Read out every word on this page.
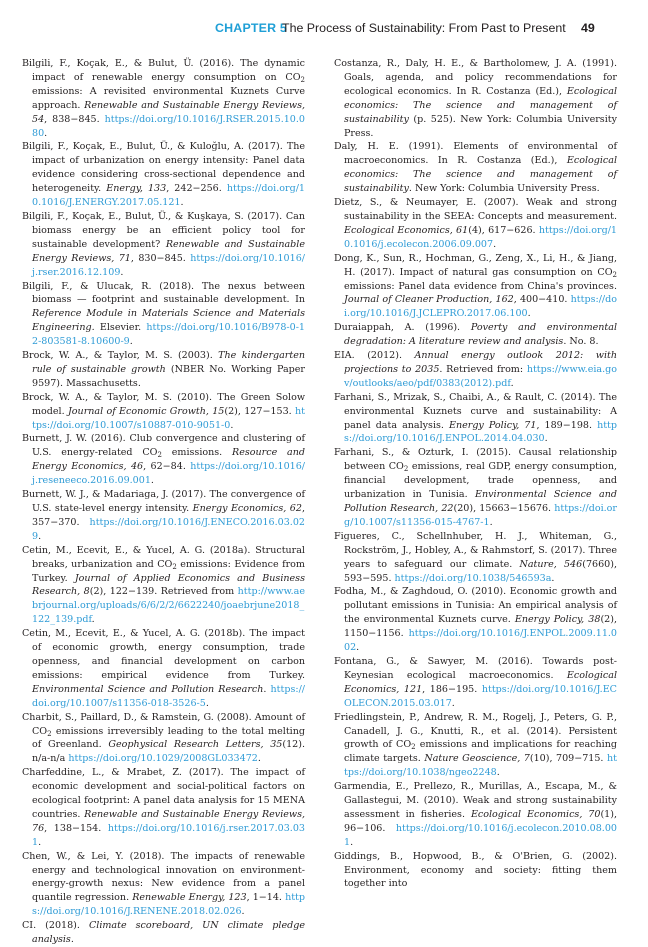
CHAPTER 5
The Process of Sustainability: From Past to Present 49

Bilgili, F., Koçak, E., & Bulut, Ü. (2016). The dynamic impact of renewable energy consumption on $CO_2$ emissions: A revisited environmental Kuznets Curve approach. Renewable and Sustainable Energy Reviews, 54, 838−845. https://doi.org/10.1016/J.RSER.2015.10.080.

Bilgili, F., Koçak, E., Bulut, Ü., & Kuloğlu, A. (2017). The impact of urbanization on energy intensity: Panel data evidence considering cross-sectional dependence and heterogeneity. Energy, 133, 242−256. https://doi.org/10.1016/J.ENERGY.2017.05.121.

Bilgili, F., Koçak, E., Bulut, Ü., & Kuşkaya, S. (2017). Can biomass energy be an efficient policy tool for sustainable development? Renewable and Sustainable Energy Reviews, 71, 830−845. https://doi.org/10.1016/j.rser.2016.12.109.

Bilgili, F., & Ulucak, R. (2018). The nexus between biomass — footprint and sustainable development. In Reference Module in Materials Science and Materials Engineering. Elsevier. https://doi.org/10.1016/B978-0-12-803581-8.10600-9.

Brock, W. A., & Taylor, M. S. (2003). The kindergarten rule of sustainable growth (NBER No. Working Paper 9597). Massachusetts.

Brock, W. A., & Taylor, M. S. (2010). The Green Solow model. Journal of Economic Growth, 15(2), 127−153. https://doi.org/10.1007/s10887-010-9051-0.

Burnett, J. W. (2016). Club convergence and clustering of U.S. energy-related $CO_2$ emissions. Resource and Energy Economics, 46, 62−84. https://doi.org/10.1016/j.reseneeco.2016.09.001.

Burnett, W. J., & Madariaga, J. (2017). The convergence of U.S. state-level energy intensity. Energy Economics, 62, 357−370. https://doi.org/10.1016/J.ENECO.2016.03.029.

Cetin, M., Ecevit, E., & Yucel, A. G. (2018a). Structural breaks, urbanization and $CO_2$ emissions: Evidence from Turkey. Journal of Applied Economics and Business Research, 8(2), 122−139. Retrieved from http://www.aebrjournal.org/uploads/6/6/2/2/6622240/joaebrjune2018_122_139.pdf.

Cetin, M., Ecevit, E., & Yucel, A. G. (2018b). The impact of economic growth, energy consumption, trade openness, and financial development on carbon emissions: empirical evidence from Turkey. Environmental Science and Pollution Research. https://doi.org/10.1007/s11356-018-3526-5.

Charbit, S., Paillard, D., & Ramstein, G. (2008). Amount of $CO_2$ emissions irreversibly leading to the total melting of Greenland. Geophysical Research Letters, 35(12). n/a-n/a https://doi.org/10.1029/2008GL033472.

Charfeddine, L., & Mrabet, Z. (2017). The impact of economic development and social-political factors on ecological footprint: A panel data analysis for 15 MENA countries. Renewable and Sustainable Energy Reviews, 76, 138−154. https://doi.org/10.1016/j.rser.2017.03.031.

Chen, W., & Lei, Y. (2018). The impacts of renewable energy and technological innovation on environment-energy-growth nexus: New evidence from a panel quantile regression. Renewable Energy, 123, 1−14. https://doi.org/10.1016/J.RENENE.2018.02.026.

CI. (2018). Climate scoreboard, UN climate pledge analysis.

Costanza, R., Daly, H. E., & Bartholomew, J. A. (1991). Goals, agenda, and policy recommendations for ecological economics. In R. Costanza (Ed.), Ecological economics: The science and management of sustainability (p. 525). New York: Columbia University Press.

Daly, H. E. (1991). Elements of environmental of macroeconomics. In R. Costanza (Ed.), Ecological economics: The science and management of sustainability. New York: Columbia University Press.

Dietz, S., & Neumayer, E. (2007). Weak and strong sustainability in the SEEA: Concepts and measurement. Ecological Economics, 61(4), 617−626. https://doi.org/10.1016/j.ecolecon.2006.09.007.

Dong, K., Sun, R., Hochman, G., Zeng, X., Li, H., & Jiang, H. (2017). Impact of natural gas consumption on $CO_2$ emissions: Panel data evidence from China's provinces. Journal of Cleaner Production, 162, 400−410. https://doi.org/10.1016/J.JCLEPRO.2017.06.100.

Duraiappah, A. (1996). Poverty and environmental degradation: A literature review and analysis. No. 8.

EIA. (2012). Annual energy outlook 2012: with projections to 2035. Retrieved from: https://www.eia.gov/outlooks/aeo/pdf/0383(2012).pdf.

Farhani, S., Mrizak, S., Chaibi, A., & Rault, C. (2014). The environmental Kuznets curve and sustainability: A panel data analysis. Energy Policy, 71, 189−198. https://doi.org/10.1016/J.ENPOL.2014.04.030.

Farhani, S., & Ozturk, I. (2015). Causal relationship between $CO_2$ emissions, real GDP, energy consumption, financial development, trade openness, and urbanization in Tunisia. Environmental Science and Pollution Research, 22(20), 15663−15676. https://doi.org/10.1007/s11356-015-4767-1.

Figueres, C., Schellnhuber, H. J., Whiteman, G., Rockström, J., Hobley, A., & Rahmstorf, S. (2017). Three years to safeguard our climate. Nature, 546(7660), 593−595. https://doi.org/10.1038/546593a.

Fodha, M., & Zaghdoud, O. (2010). Economic growth and pollutant emissions in Tunisia: An empirical analysis of the environmental Kuznets curve. Energy Policy, 38(2), 1150−1156. https://doi.org/10.1016/J.ENPOL.2009.11.002.

Fontana, G., & Sawyer, M. (2016). Towards post-Keynesian ecological macroeconomics. Ecological Economics, 121, 186−195. https://doi.org/10.1016/J.ECOLECON.2015.03.017.

Friedlingstein, P., Andrew, R. M., Rogelj, J., Peters, G. P., Canadell, J. G., Knutti, R., et al. (2014). Persistent growth of $CO_2$ emissions and implications for reaching climate targets. Nature Geoscience, 7(10), 709−715. https://doi.org/10.1038/ngeo2248.

Garmendia, E., Prellezo, R., Murillas, A., Escapa, M., & Gallastegui, M. (2010). Weak and strong sustainability assessment in fisheries. Ecological Economics, 70(1), 96−106. https://doi.org/10.1016/j.ecolecon.2010.08.001.

Giddings, B., Hopwood, B., & O'Brien, G. (2002). Environment, economy and society: fitting them together into
